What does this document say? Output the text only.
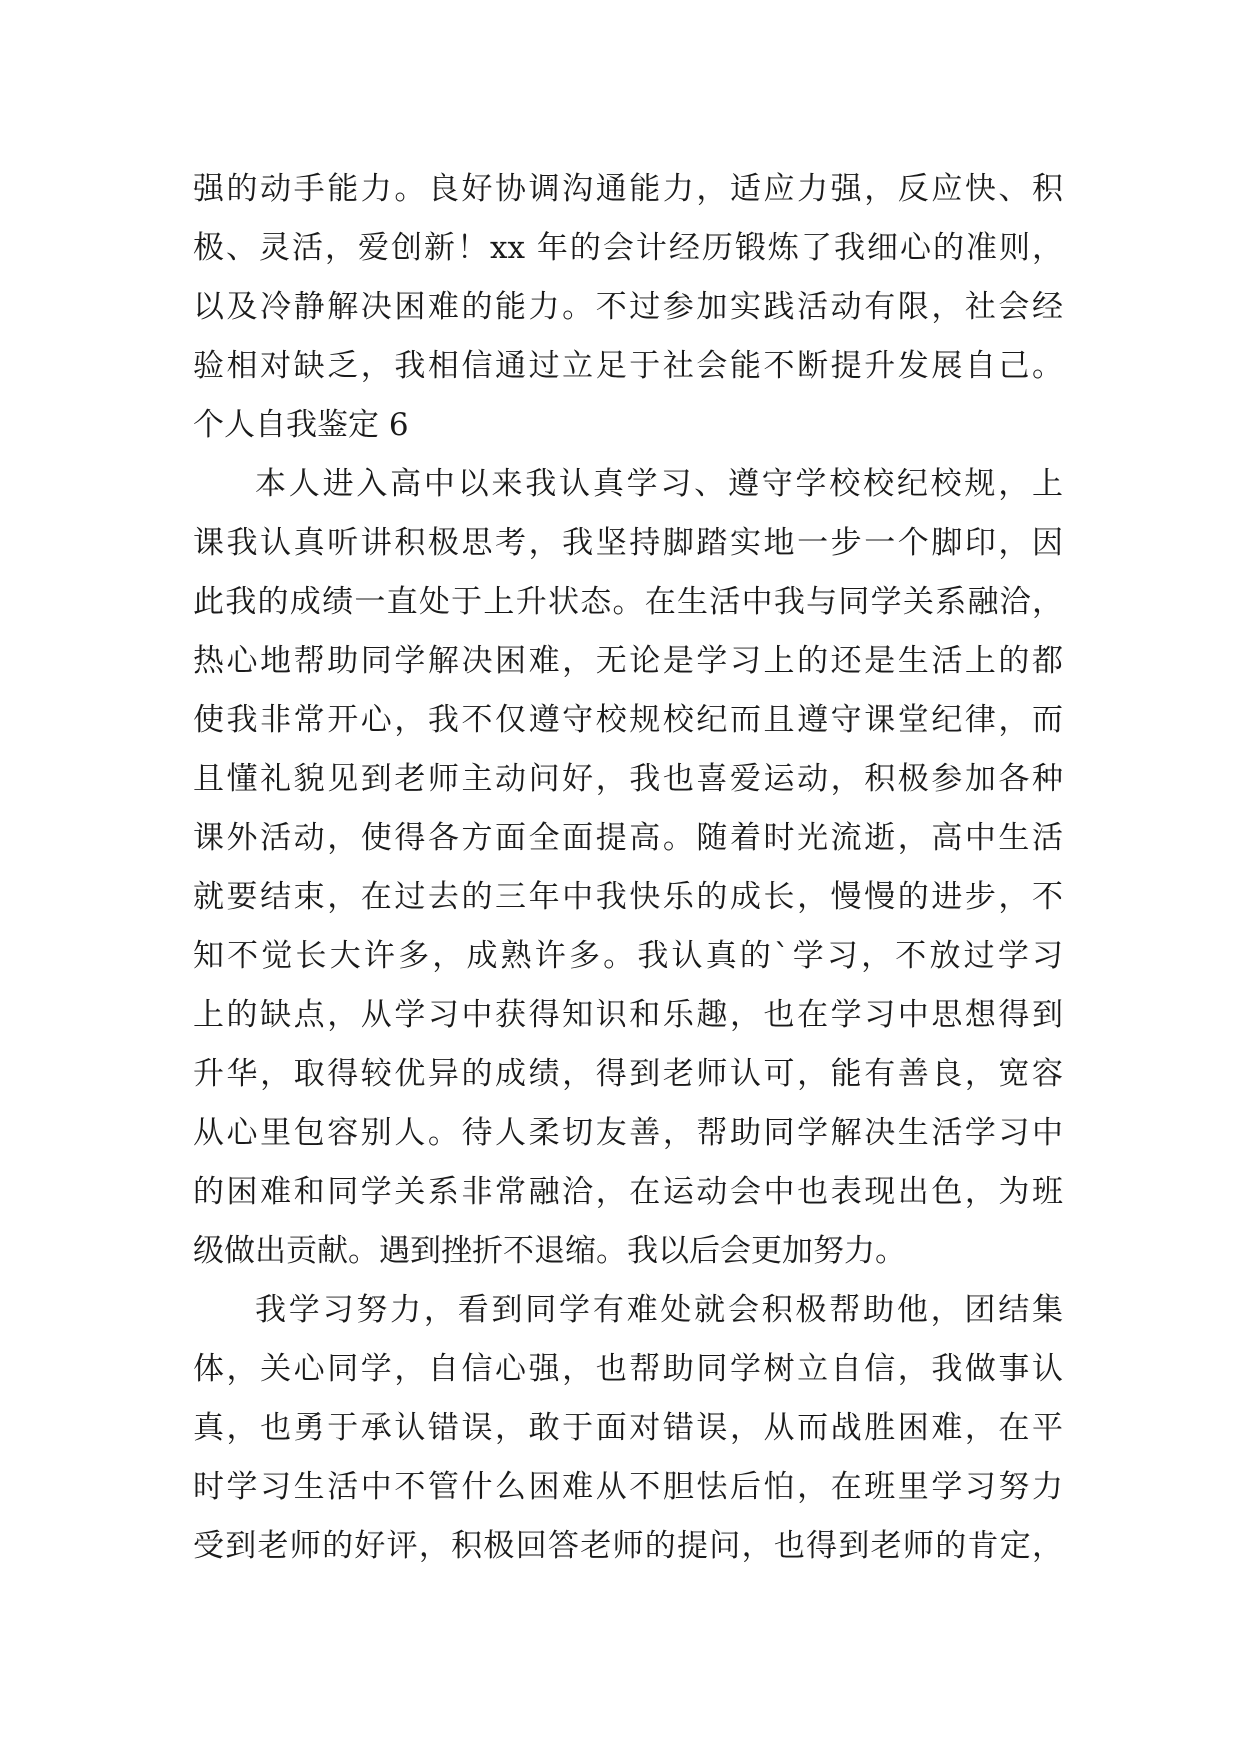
强的动手能力。良好协调沟通能力，适应力强，反应快、积
极、灵活，爱创新！xx 年的会计经历锻炼了我细心的准则，
以及冷静解决困难的能力。不过参加实践活动有限，社会经
验相对缺乏，我相信通过立足于社会能不断提升发展自己。
个人自我鉴定 6
本人进入高中以来我认真学习、遵守学校校纪校规，上
课我认真听讲积极思考，我坚持脚踏实地一步一个脚印，因
此我的成绩一直处于上升状态。在生活中我与同学关系融洽，
热心地帮助同学解决困难，无论是学习上的还是生活上的都
使我非常开心，我不仅遵守校规校纪而且遵守课堂纪律，而
且懂礼貌见到老师主动问好，我也喜爱运动，积极参加各种
课外活动，使得各方面全面提高。随着时光流逝，高中生活
就要结束，在过去的三年中我快乐的成长，慢慢的进步，不
知不觉长大许多，成熟许多。我认真的`学习，不放过学习
上的缺点，从学习中获得知识和乐趣，也在学习中思想得到
升华，取得较优异的成绩，得到老师认可，能有善良，宽容
从心里包容别人。待人柔切友善，帮助同学解决生活学习中
的困难和同学关系非常融洽，在运动会中也表现出色，为班
级做出贡献。遇到挫折不退缩。我以后会更加努力。
我学习努力，看到同学有难处就会积极帮助他，团结集
体，关心同学，自信心强，也帮助同学树立自信，我做事认
真，也勇于承认错误，敢于面对错误，从而战胜困难，在平
时学习生活中不管什么困难从不胆怯后怕，在班里学习努力
受到老师的好评，积极回答老师的提问，也得到老师的肯定，
